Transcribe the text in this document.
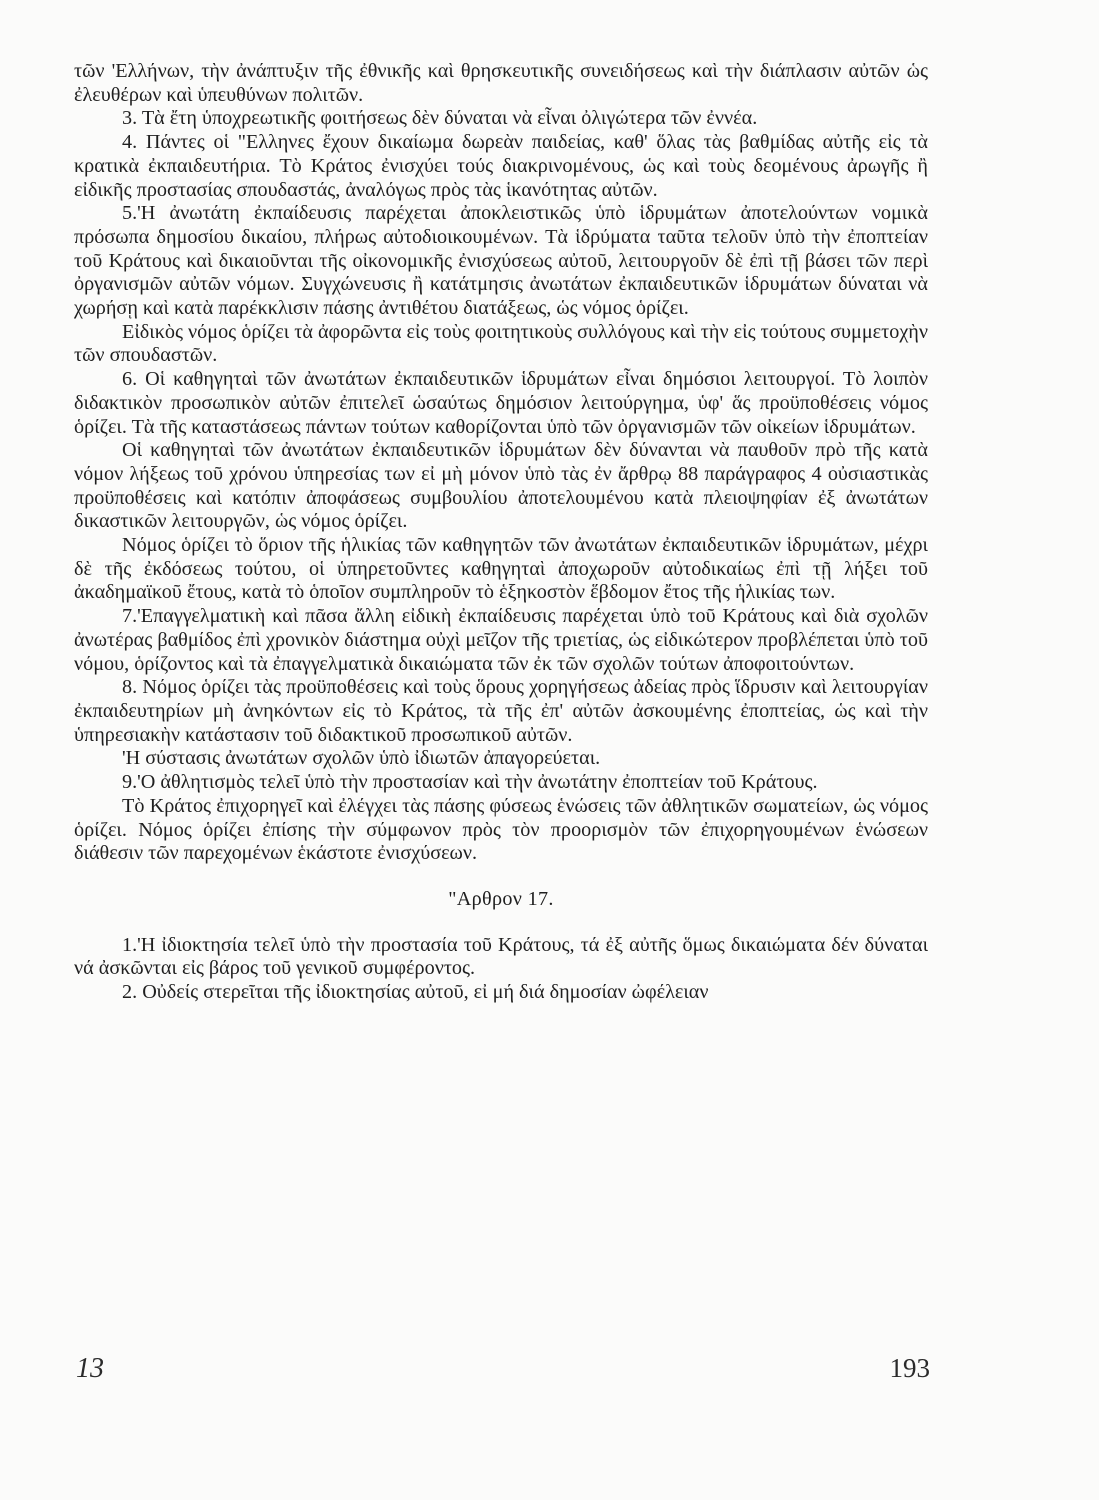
τῶν 'Ελλήνων, τὴν ἀνάπτυξιν τῆς ἐθνικῆς καὶ θρησκευτικῆς συνειδήσεως καὶ τὴν διάπλασιν αὐτῶν ὡς ἐλευθέρων καὶ ὑπευθύνων πολιτῶν.

3. Τὰ ἔτη ὑποχρεωτικῆς φοιτήσεως δὲν δύναται νὰ εἶναι ὀλιγώτερα τῶν ἐννέα.

4. Πάντες οἱ "Ελληνες ἔχουν δικαίωμα δωρεὰν παιδείας, καθ' ὅλας τὰς βαθμίδας αὐτῆς εἰς τὰ κρατικὰ ἐκπαιδευτήρια. Τὸ Κράτος ἐνισχύει τούς διακρινομένους, ὡς καὶ τοὺς δεομένους ἀρωγῆς ἢ εἰδικῆς προστασίας σπουδαστάς, ἀναλόγως πρὸς τὰς ἱκανότητας αὐτῶν.

5.'Η ἀνωτάτη ἐκπαίδευσις παρέχεται ἀποκλειστικῶς ὑπὸ ἱδρυμάτων ἀποτελούντων νομικὰ πρόσωπα δημοσίου δικαίου, πλήρως αὐτοδιοικουμένων. Τὰ ἱδρύματα ταῦτα τελοῦν ὑπὸ τὴν ἐποπτείαν τοῦ Κράτους καὶ δικαιοῦνται τῆς οἰκονομικῆς ἐνισχύσεως αὐτοῦ, λειτουργοῦν δὲ ἐπὶ τῇ βάσει τῶν περὶ ὀργανισμῶν αὐτῶν νόμων. Συγχώνευσις ἢ κατάτμησις ἀνωτάτων ἐκπαιδευτικῶν ἱδρυμάτων δύναται νὰ χωρήσῃ καὶ κατὰ παρέκκλισιν πάσης ἀντιθέτου διατάξεως, ὡς νόμος ὁρίζει.

Εἰδικὸς νόμος ὁρίζει τὰ ἀφορῶντα εἰς τοὺς φοιτητικοὺς συλλόγους καὶ τὴν εἰς τούτους συμμετοχὴν τῶν σπουδαστῶν.

6. Οἱ καθηγηταὶ τῶν ἀνωτάτων ἐκπαιδευτικῶν ἱδρυμάτων εἶναι δημόσιοι λειτουργοί. Τὸ λοιπὸν διδακτικὸν προσωπικὸν αὐτῶν ἐπιτελεῖ ὡσαύτως δημόσιον λειτούργημα, ὑφ' ἅς προϋποθέσεις νόμος ὁρίζει. Τὰ τῆς καταστάσεως πάντων τούτων καθορίζονται ὑπὸ τῶν ὀργανισμῶν τῶν οἰκείων ἱδρυμάτων.

Οἱ καθηγηταὶ τῶν ἀνωτάτων ἐκπαιδευτικῶν ἱδρυμάτων δὲν δύνανται νὰ παυθοῦν πρὸ τῆς κατὰ νόμον λήξεως τοῦ χρόνου ὑπηρεσίας των εἰ μὴ μόνον ὑπὸ τὰς ἐν ἄρθρῳ 88 παράγραφος 4 οὐσιαστικὰς προϋποθέσεις καὶ κατόπιν ἀποφάσεως συμβουλίου ἀποτελουμένου κατὰ πλειοψηφίαν ἐξ ἀνωτάτων δικαστικῶν λειτουργῶν, ὡς νόμος ὁρίζει.

Νόμος ὁρίζει τὸ ὅριον τῆς ἡλικίας τῶν καθηγητῶν τῶν ἀνωτάτων ἐκπαιδευτικῶν ἱδρυμάτων, μέχρι δὲ τῆς ἐκδόσεως τούτου, οἱ ὑπηρετοῦντες καθηγηταὶ ἀποχωροῦν αὐτοδικαίως ἐπὶ τῇ λήξει τοῦ ἀκαδημαϊκοῦ ἔτους, κατὰ τὸ ὁποῖον συμπληροῦν τὸ ἑξηκοστὸν ἕβδομον ἔτος τῆς ἡλικίας των.

7.'Επαγγελματικὴ καὶ πᾶσα ἄλλη εἰδικὴ ἐκπαίδευσις παρέχεται ὑπὸ τοῦ Κράτους καὶ διὰ σχολῶν ἀνωτέρας βαθμίδος ἐπὶ χρονικὸν διάστημα οὐχὶ μεῖζον τῆς τριετίας, ὡς εἰδικώτερον προβλέπεται ὑπὸ τοῦ νόμου, ὁρίζοντος καὶ τὰ ἐπαγγελματικὰ δικαιώματα τῶν ἐκ τῶν σχολῶν τούτων ἀποφοιτούντων.

8. Νόμος ὁρίζει τὰς προϋποθέσεις καὶ τοὺς ὅρους χορηγήσεως ἀδείας πρὸς ἵδρυσιν καὶ λειτουργίαν ἐκπαιδευτηρίων μὴ ἀνηκόντων εἰς τὸ Κράτος, τὰ τῆς ἐπ' αὐτῶν ἀσκουμένης ἐποπτείας, ὡς καὶ τὴν ὑπηρεσιακὴν κατάστασιν τοῦ διδακτικοῦ προσωπικοῦ αὐτῶν.

'Η σύστασις ἀνωτάτων σχολῶν ὑπὸ ἰδιωτῶν ἀπαγορεύεται.

9.'Ο ἀθλητισμὸς τελεῖ ὑπὸ τὴν προστασίαν καὶ τὴν ἀνωτάτην ἐποπτείαν τοῦ Κράτους.

Τὸ Κράτος ἐπιχορηγεῖ καὶ ἐλέγχει τὰς πάσης φύσεως ἑνώσεις τῶν ἀθλητικῶν σωματείων, ὡς νόμος ὁρίζει. Νόμος ὁρίζει ἐπίσης τὴν σύμφωνον πρὸς τὸν προορισμὸν τῶν ἐπιχορηγουμένων ἑνώσεων διάθεσιν τῶν παρεχομένων ἑκάστοτε ἐνισχύσεων.

"Αρθρον 17.

1.'Η ἰδιοκτησία τελεῖ ὑπὸ τὴν προστασία τοῦ Κράτους, τά ἐξ αὐτῆς ὅμως δικαιώματα δέν δύναται νά ἀσκῶνται εἰς βάρος τοῦ γενικοῦ συμφέροντος.

2. Οὐδείς στερεῖται τῆς ἰδιοκτησίας αὐτοῦ, εἰ μή διά δημοσίαν ὠφέλειαν

13	193
